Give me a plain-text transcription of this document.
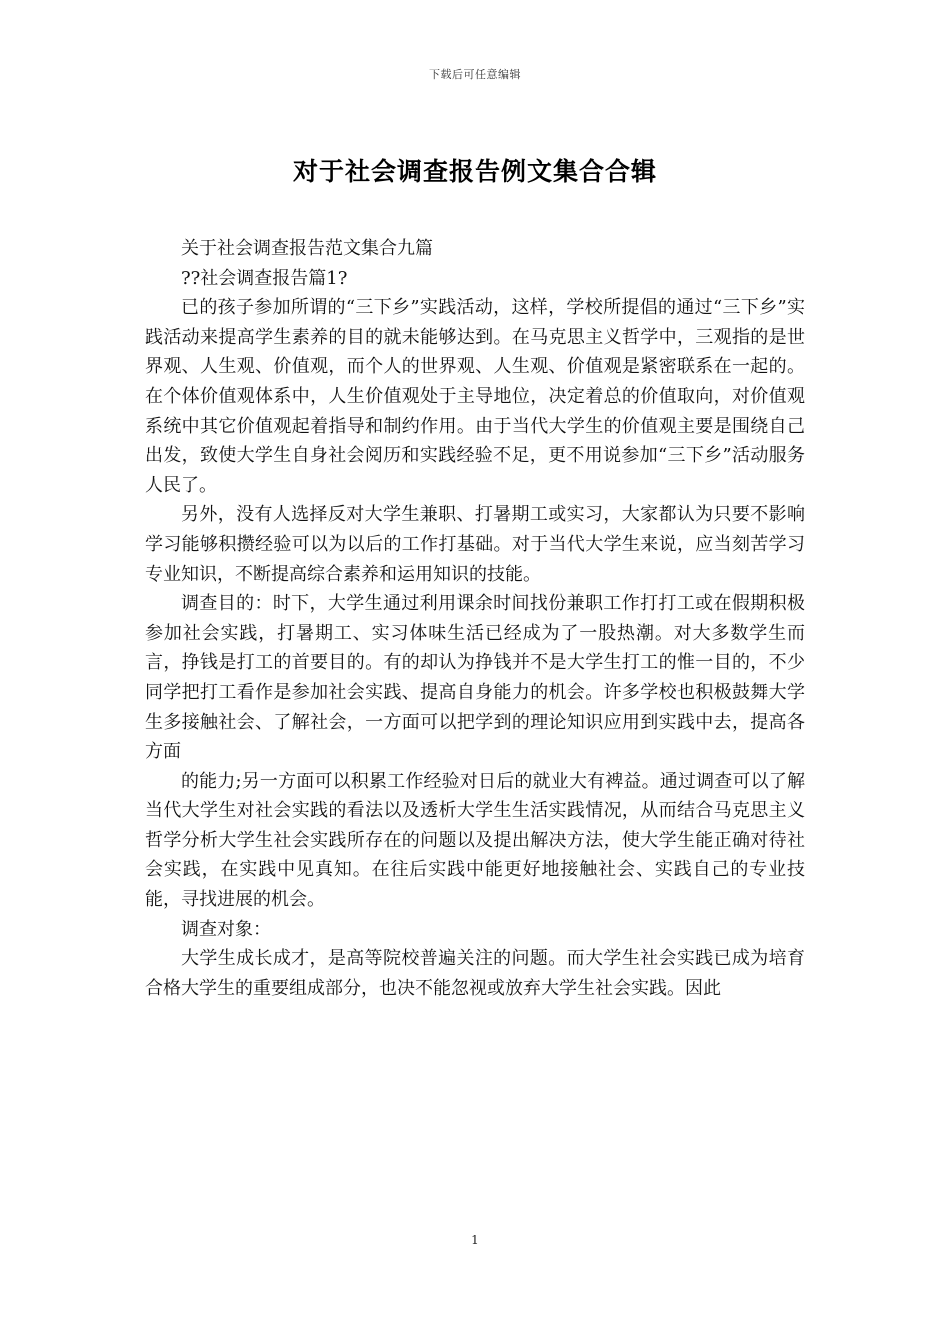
下载后可任意编辑
对于社会调查报告例文集合合辑

关于社会调查报告范文集合九篇

??社会调查报告篇1?

已的孩子参加所谓的“三下乡”实践活动，这样，学校所提倡的通过“三下乡”实践活动来提高学生素养的目的就未能够达到。在马克思主义哲学中，三观指的是世界观、人生观、价值观，而个人的世界观、人生观、价值观是紧密联系在一起的。在个体价值观体系中，人生价值观处于主导地位，决定着总的价值取向，对价值观系统中其它价值观起着指导和制约作用。由于当代大学生的价值观主要是围绕自己出发，致使大学生自身社会阅历和实践经验不足，更不用说参加“三下乡”活动服务人民了。

另外，没有人选择反对大学生兼职、打暑期工或实习，大家都认为只要不影响学习能够积攒经验可以为以后的工作打基础。对于当代大学生来说，应当刻苦学习专业知识，不断提高综合素养和运用知识的技能。

调查目的：时下，大学生通过利用课余时间找份兼职工作打打工或在假期积极参加社会实践，打暑期工、实习体味生活已经成为了一股热潮。对大多数学生而言，挣钱是打工的首要目的。有的却认为挣钱并不是大学生打工的惟一目的，不少同学把打工看作是参加社会实践、提高自身能力的机会。许多学校也积极鼓舞大学生多接触社会、了解社会，一方面可以把学到的理论知识应用到实践中去，提高各方面

的能力;另一方面可以积累工作经验对日后的就业大有裨益。通过调查可以了解当代大学生对社会实践的看法以及透析大学生生活实践情况，从而结合马克思主义哲学分析大学生社会实践所存在的问题以及提出解决方法，使大学生能正确对待社会实践，在实践中见真知。在往后实践中能更好地接触社会、实践自己的专业技能，寻找进展的机会。

调查对象：

大学生成长成才，是高等院校普遍关注的问题。而大学生社会实践已成为培育合格大学生的重要组成部分，也决不能忽视或放弃大学生社会实践。因此

1
